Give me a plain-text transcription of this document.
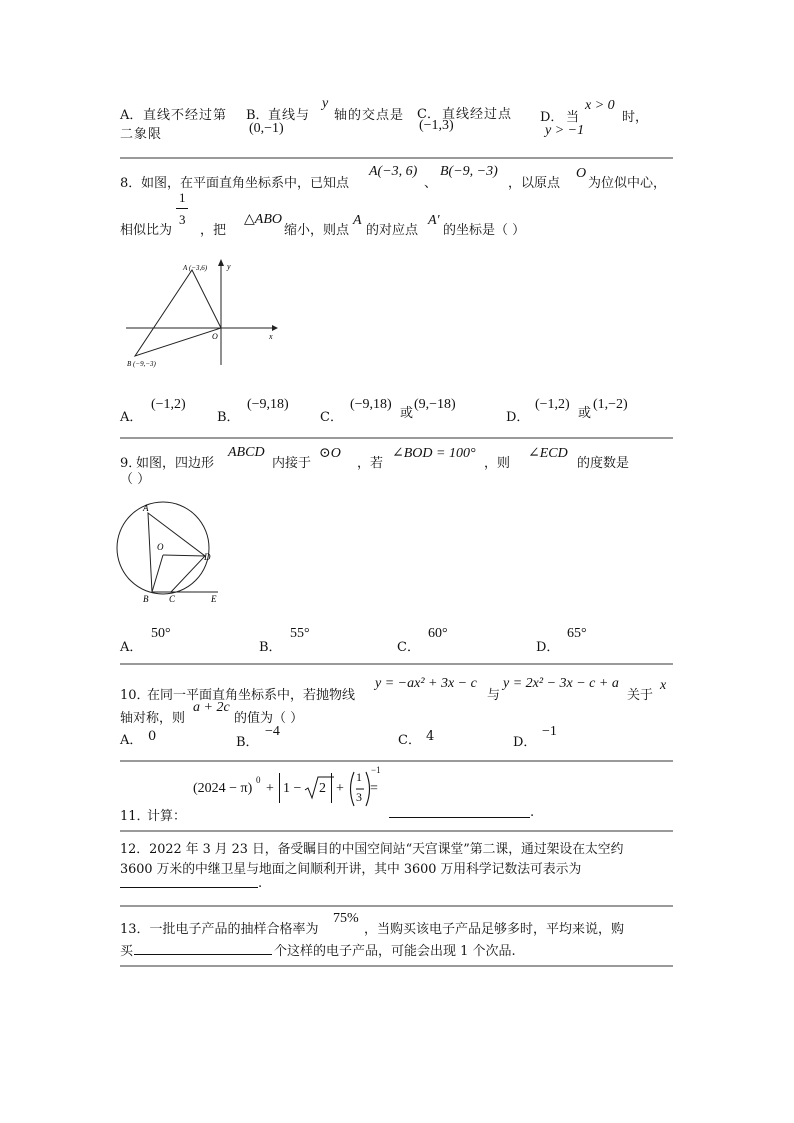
A． 直线不经过第
二象限
B． 直线与
y
轴的交点是
(0,−1)
C． 直线经过点
(−1,3)
D． 当
x > 0
时，
y > −1
8． 如图，在平面直角坐标系中，已知点
A(−3, 6)
、
B(−9, −3)
，以原点
O
为位似中心，
相似比为
1
3
，把
△ABO
缩小，则点
A
的对应点
A′
的坐标是（ ）
A (−3,6)
B (−9,−3)
O	x
y
A．
(−1,2)
B．
(−9,18)
C．
(−9,18)
或
(9,−18)
D．
(−1,2)
或
(1,−2)
9．
如图，四边形
ABCD
内接于
⊙O
，若
∠BOD = 100°
，则
∠ECD
的度数是
（ ）
A
O
D
B C	E
A．
50°
B．
55°
C．
60°
D．
65°
10．
在同一平面直角坐标系中，若抛物线
y = −ax² + 3x − c
与
y = 2x² − 3x − c + a
关于
x
轴对称，则
a + 2c
的值为（ ）
A． 0	B．
−4
C． 4	D．
−1
11．
计算：
(2024 − π)
0
+ 1 − 2 +
1
3
−1
=
.
12．2022 年 3 月 23 日，备受瞩目的中国空间站“天宫课堂”第二课，通过架设在太空约
3600 万米的中继卫星与地面之间顺利开讲，其中 3600 万用科学记数法可表示为
.
13．一批电子产品的抽样合格率为
75%
，当购买该电子产品足够多时，平均来说，购
买	个这样的电子产品，可能会出现 1 个次品.
